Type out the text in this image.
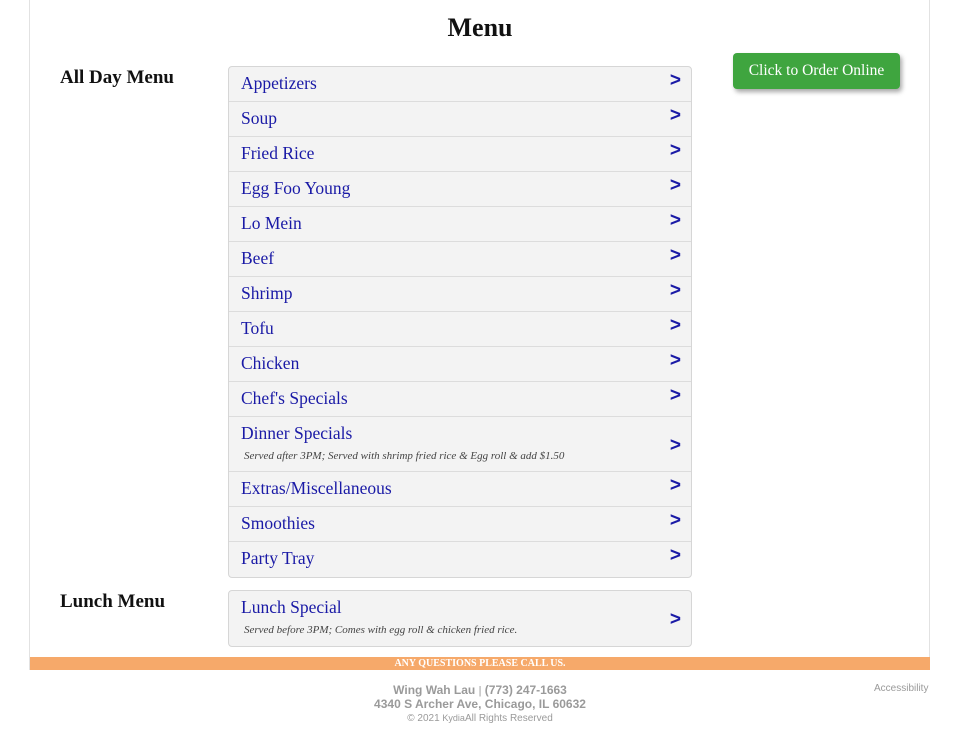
Menu
All Day Menu	Appetizers	>
Soup	>
Fried Rice	>
Egg Foo Young	>
Lo Mein	>
Beef	>
Shrimp	>
Tofu	>
Chicken	>
Chef's Specials	>
Dinner Specials
Served after 3PM; Served with shrimp fried rice & Egg roll & add $1.50	>
Extras/Miscellaneous	>
Smoothies	>
Party Tray	>
Click to Order Online
Lunch Menu	Lunch Special
Served before 3PM; Comes with egg roll & chicken fried rice.	>
ANY QUESTIONS PLEASE CALL US.
Wing Wah Lau | (773) 247-1663
4340 S Archer Ave, Chicago, IL 60632
© 2021 KydiaAll Rights Reserved
Accessibility
